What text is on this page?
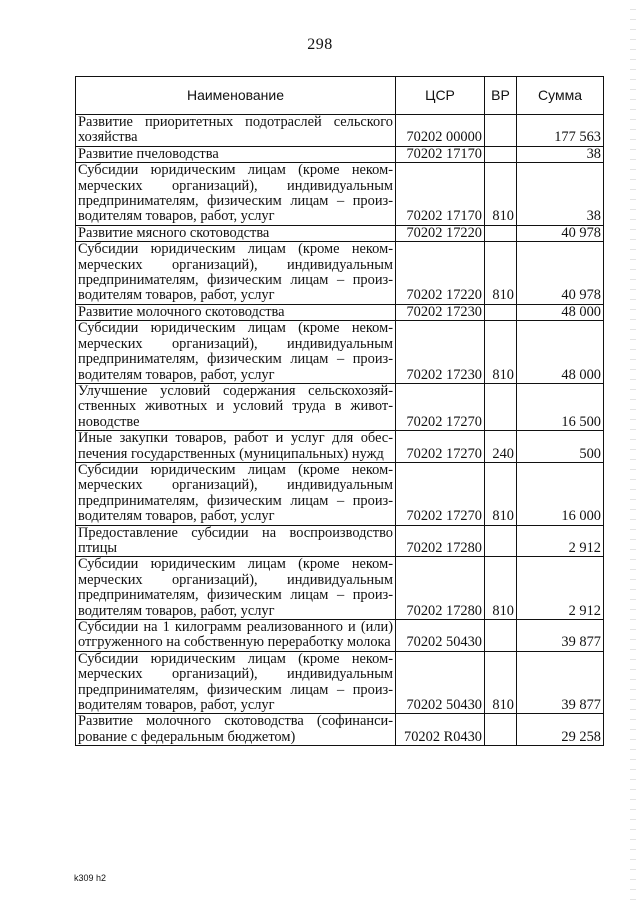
298
Наименование	ЦСР	ВР	Сумма
Развитие приоритетных подотраслей сельского хозяйства	70202 00000		177 563
Развитие пчеловодства	70202 17170		38
Субсидии юридическим лицам (кроме некоммерческих организаций), индивидуальным предпринимателям, физическим лицам – производителям товаров, работ, услуг	70202 17170	810	38
Развитие мясного скотоводства	70202 17220		40 978
Субсидии юридическим лицам (кроме некоммерческих организаций), индивидуальным предпринимателям, физическим лицам – производителям товаров, работ, услуг	70202 17220	810	40 978
Развитие молочного скотоводства	70202 17230		48 000
Субсидии юридическим лицам (кроме некоммерческих организаций), индивидуальным предпринимателям, физическим лицам – производителям товаров, работ, услуг	70202 17230	810	48 000
Улучшение условий содержания сельскохозяйственных животных и условий труда в животноводстве	70202 17270		16 500
Иные закупки товаров, работ и услуг для обеспечения государственных (муниципальных) нужд	70202 17270	240	500
Субсидии юридическим лицам (кроме некоммерческих организаций), индивидуальным предпринимателям, физическим лицам – производителям товаров, работ, услуг	70202 17270	810	16 000
Предоставление субсидии на воспроизводство птицы	70202 17280		2 912
Субсидии юридическим лицам (кроме некоммерческих организаций), индивидуальным предпринимателям, физическим лицам – производителям товаров, работ, услуг	70202 17280	810	2 912
Субсидии на 1 килограмм реализованного и (или) отгруженного на собственную переработку молока	70202 50430		39 877
Субсидии юридическим лицам (кроме некоммерческих организаций), индивидуальным предпринимателям, физическим лицам – производителям товаров, работ, услуг	70202 50430	810	39 877
Развитие молочного скотоводства (софинансирование с федеральным бюджетом)	70202 R0430		29 258
k309 h2
